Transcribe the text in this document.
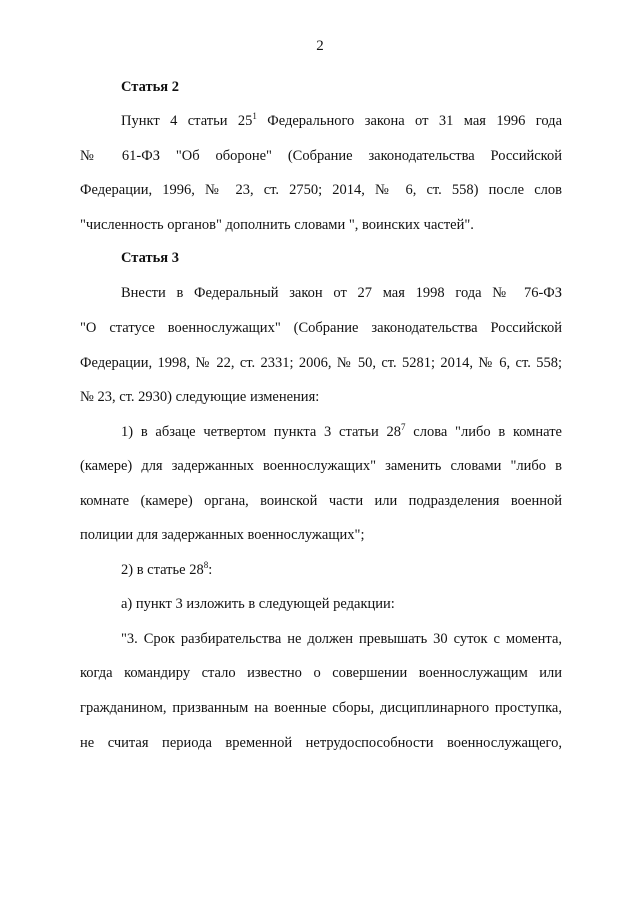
2
Статья 2
Пункт 4 статьи $25^1$ Федерального закона от 31 мая 1996 года
№ 61-ФЗ "Об обороне" (Собрание законодательства Российской
Федерации, 1996, № 23, ст. 2750; 2014, № 6, ст. 558) после слов
"численность органов" дополнить словами ", воинских частей".
Статья 3
Внести в Федеральный закон от 27 мая 1998 года № 76-ФЗ
"О статусе военнослужащих" (Собрание законодательства Российской
Федерации, 1998, № 22, ст. 2331; 2006, № 50, ст. 5281; 2014, № 6, ст. 558;
№ 23, ст. 2930) следующие изменения:
1) в абзаце четвертом пункта 3 статьи $28^7$ слова "либо в комнате
(камере) для задержанных военнослужащих" заменить словами "либо в
комнате (камере) органа, воинской части или подразделения военной
полиции для задержанных военнослужащих";
2) в статье $28^8$:
а) пункт 3 изложить в следующей редакции:
"3. Срок разбирательства не должен превышать 30 суток с момента,
когда командиру стало известно о совершении военнослужащим или
гражданином, призванным на военные сборы, дисциплинарного проступка,
не считая периода временной нетрудоспособности военнослужащего,
